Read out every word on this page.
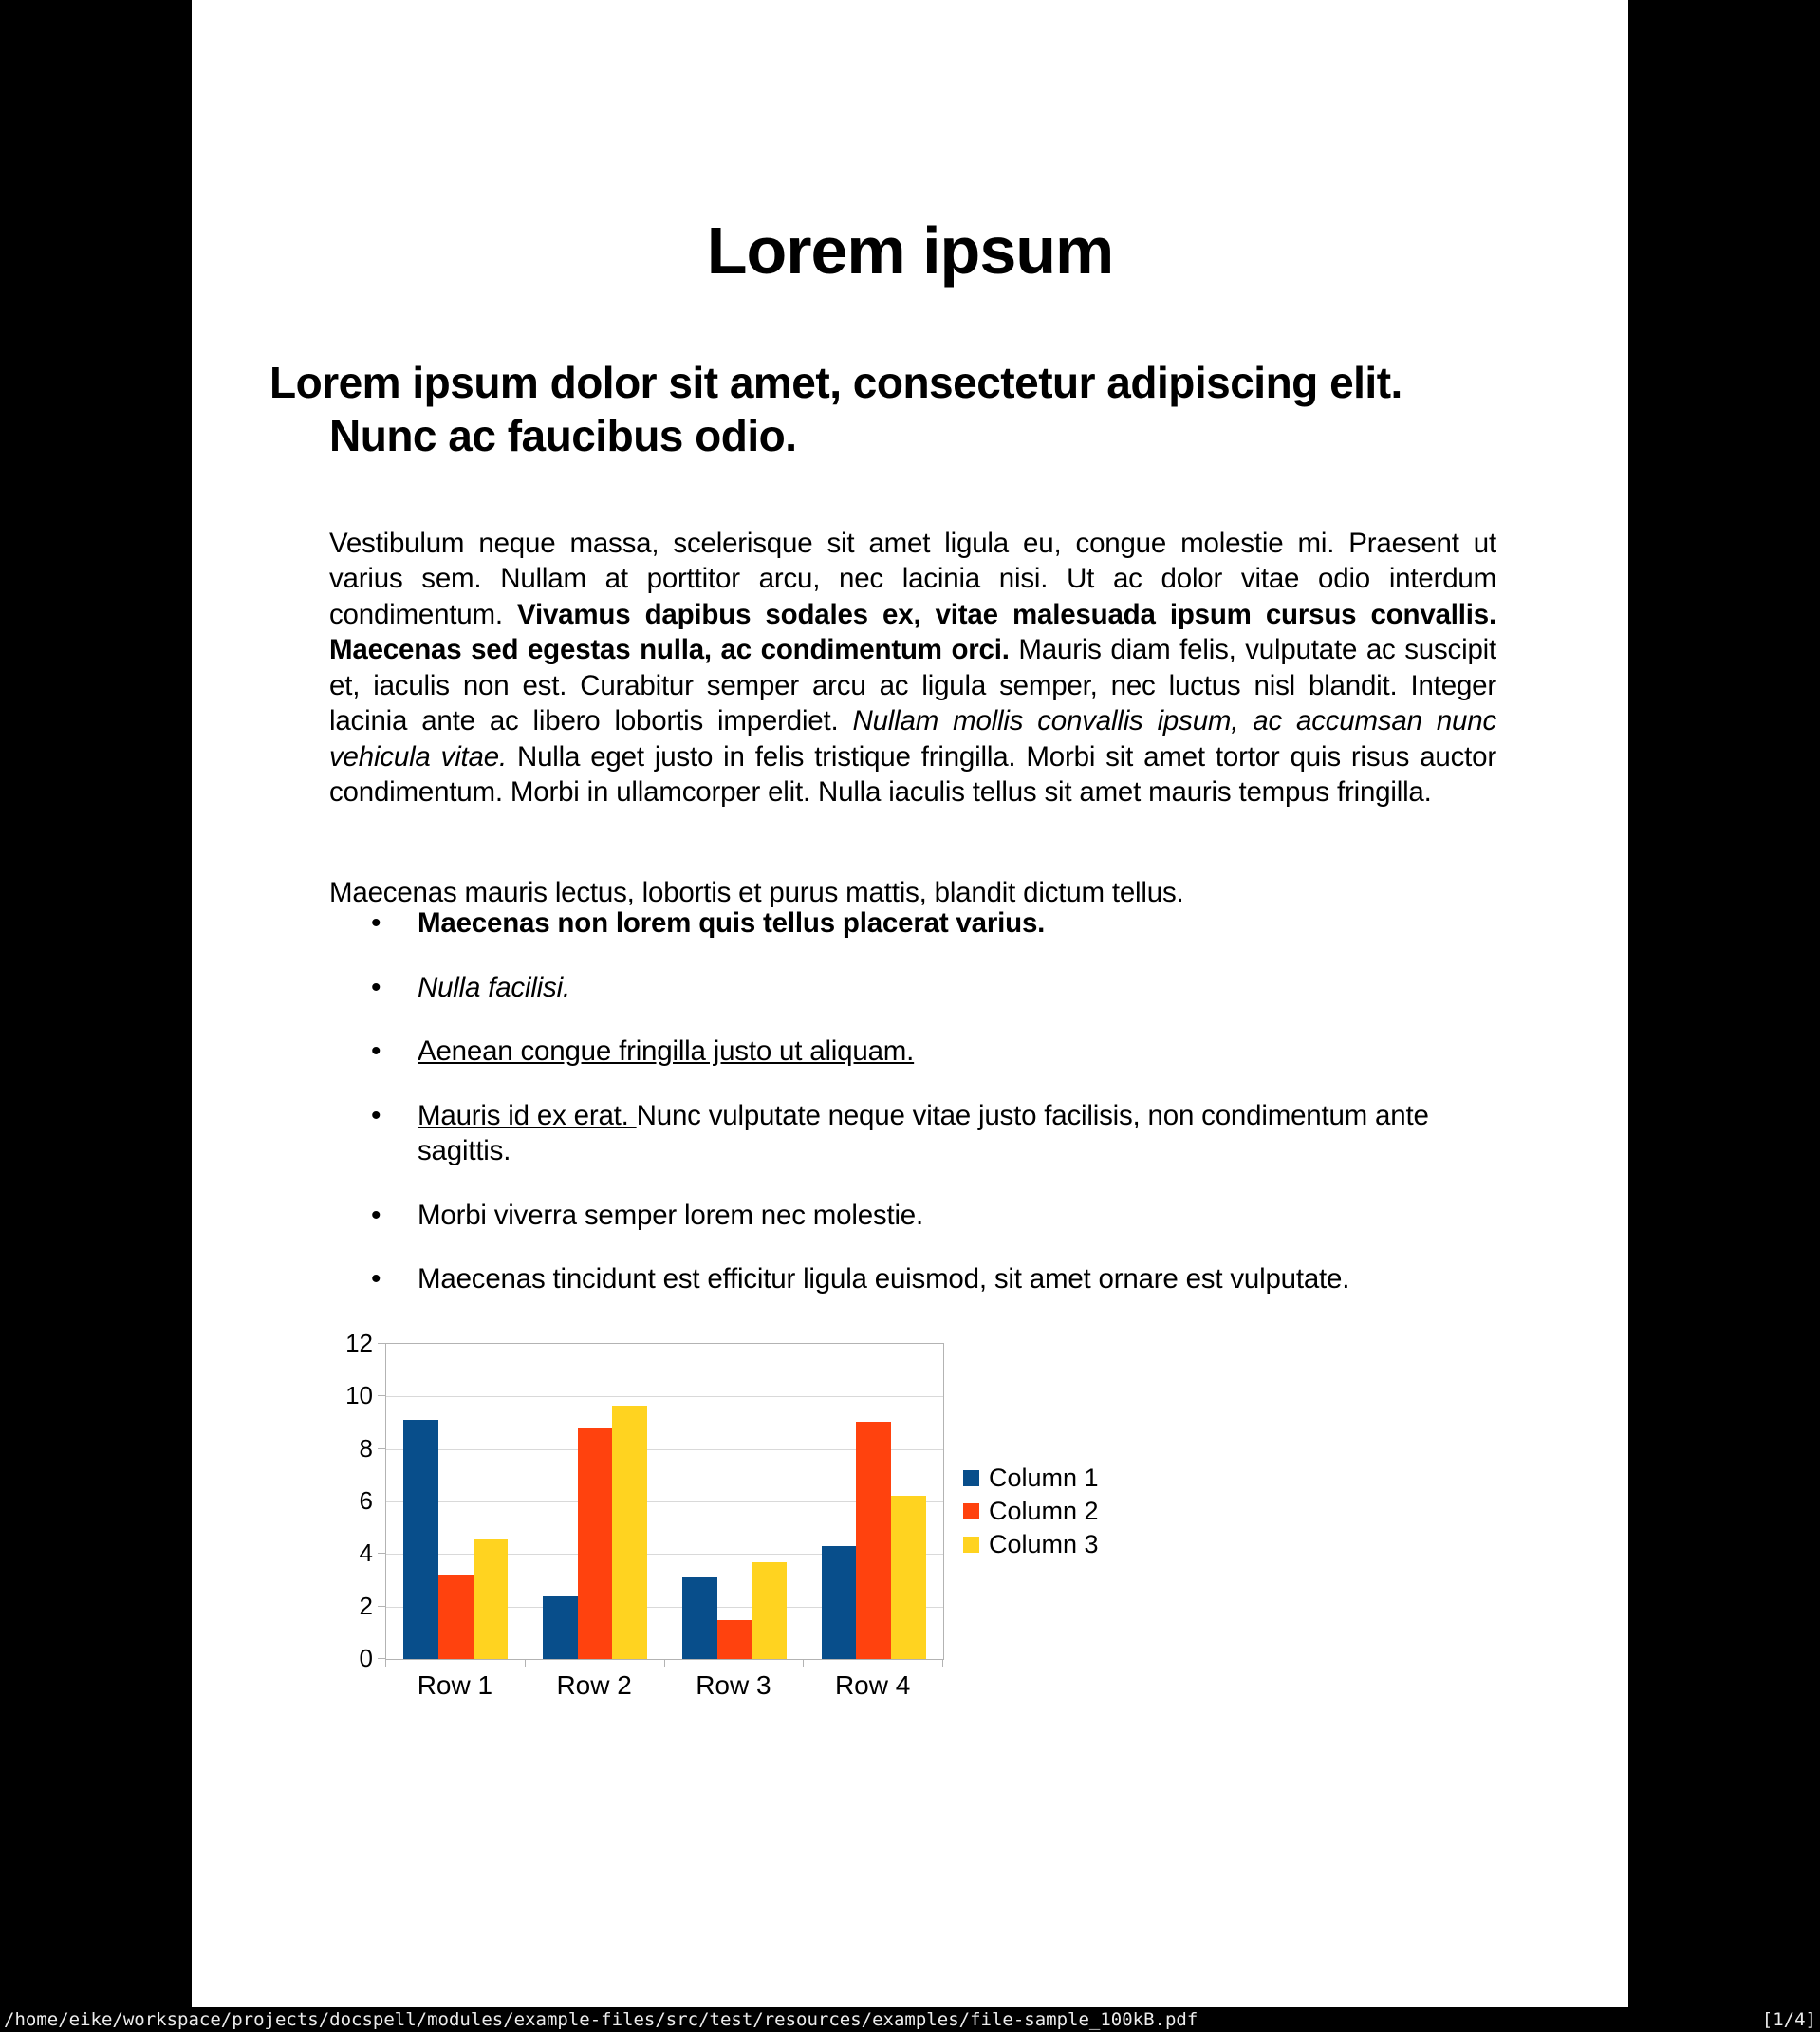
Lorem ipsum
Lorem ipsum dolor sit amet, consectetur adipiscing elit. Nunc ac faucibus odio.

Vestibulum neque massa, scelerisque sit amet ligula eu, congue molestie mi. Praesent ut varius sem. Nullam at porttitor arcu, nec lacinia nisi. Ut ac dolor vitae odio interdum condimentum. Vivamus dapibus sodales ex, vitae malesuada ipsum cursus convallis. Maecenas sed egestas nulla, ac condimentum orci. Mauris diam felis, vulputate ac suscipit et, iaculis non est. Curabitur semper arcu ac ligula semper, nec luctus nisl blandit. Integer lacinia ante ac libero lobortis imperdiet. Nullam mollis convallis ipsum, ac accumsan nunc vehicula vitae. Nulla eget justo in felis tristique fringilla. Morbi sit amet tortor quis risus auctor condimentum. Morbi in ullamcorper elit. Nulla iaculis tellus sit amet mauris tempus fringilla.

Maecenas mauris lectus, lobortis et purus mattis, blandit dictum tellus.

• Maecenas non lorem quis tellus placerat varius.
• Nulla facilisi.
• Aenean congue fringilla justo ut aliquam.
• Mauris id ex erat. Nunc vulputate neque vitae justo facilisis, non condimentum ante sagittis.
• Morbi viverra semper lorem nec molestie.
• Maecenas tincidunt est efficitur ligula euismod, sit amet ornare est vulputate.
0
2
4
6
8
10
12
Row 1	Row 2	Row 3	Row 4
Column 1
Column 2
Column 3
/home/eike/workspace/projects/docspell/modules/example-files/src/test/resources/examples/file-sample_100kB.pdf	[1/4]
